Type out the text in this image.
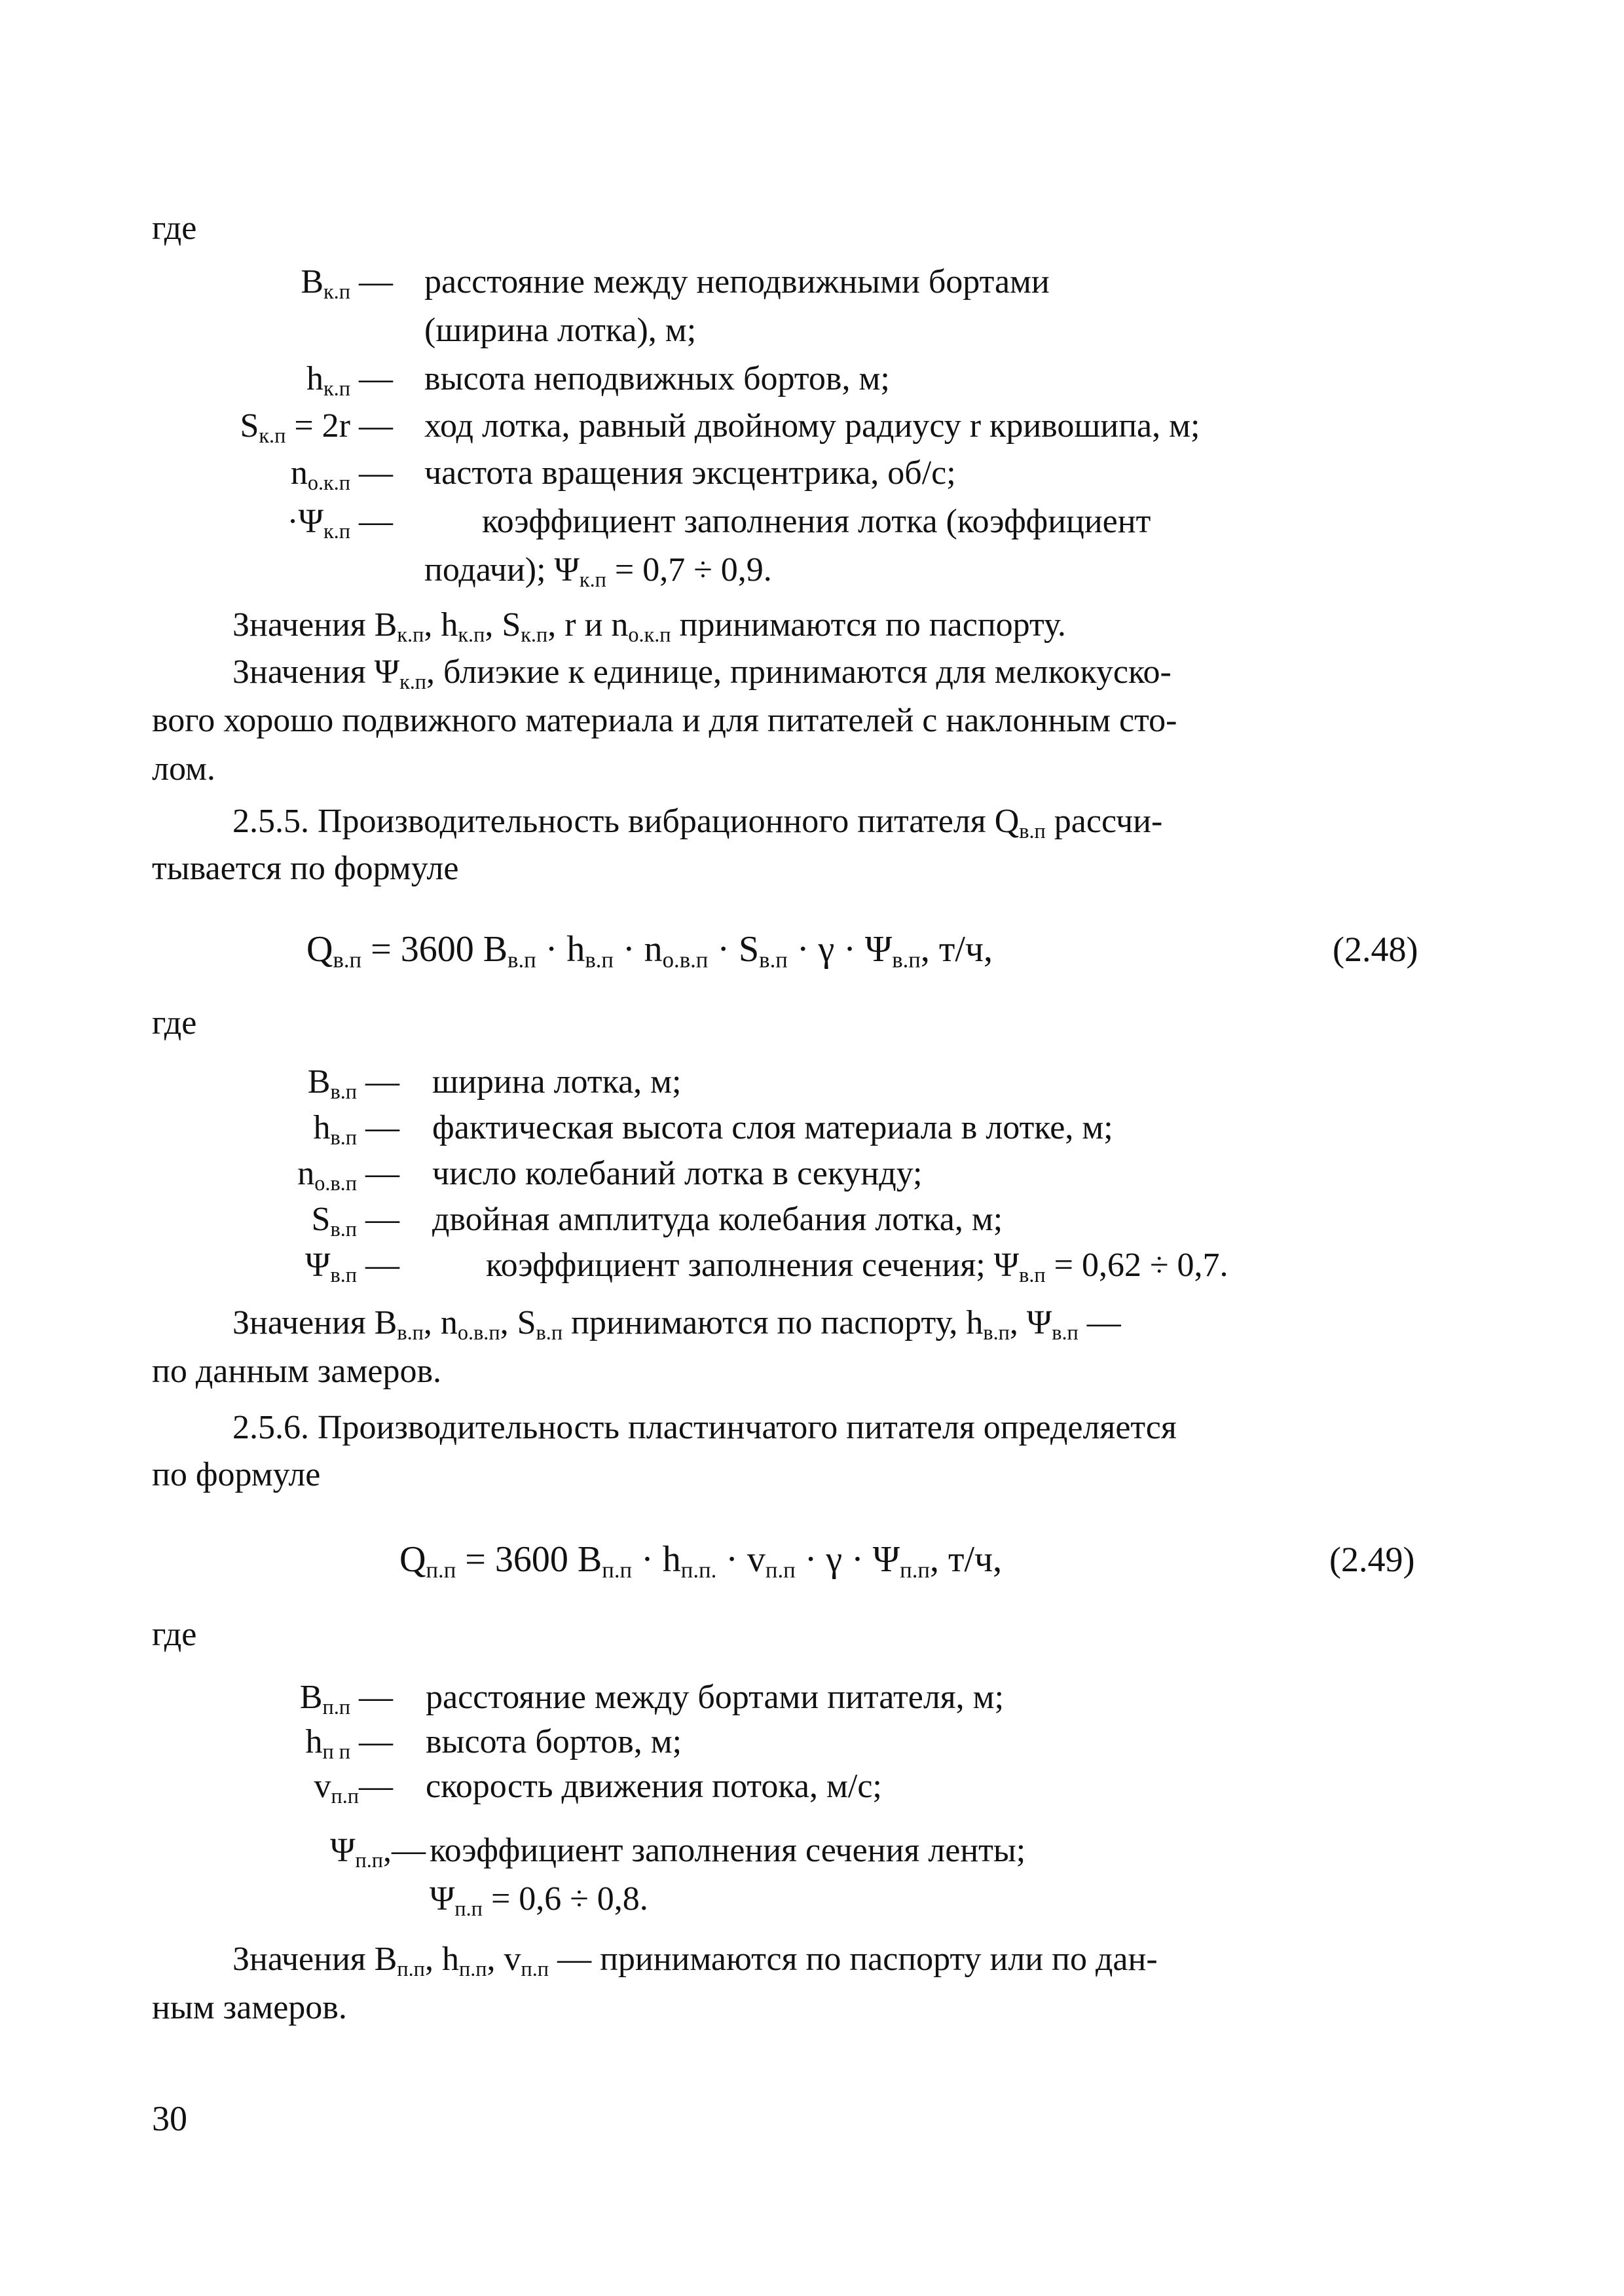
где
$В_{к.п}$ — расстояние между неподвижными бортами
(ширина лотка), м;
$h_{к.п}$ — высота неподвижных бортов, м;
$S_{к.п} = 2r$ — ход лотка, равный двойному радиусу r кривошипа, м;
$n_{о.к.п}$ — частота вращения эксцентрика, об/с;
$\cdot\Psi_{к.п}$ —	коэффициент заполнения лотка (коэффициент
подачи); $\Psi_{к.п} = 0,7 \div 0,9$.
Значения $B_{к.п}$, $h_{к.п}$, $S_{к.п}$, r и $n_{о.к.п}$ принимаются по паспорту.
Значения $\Psi_{к.п}$, блиэкие к единице, принимаются для мелкокуско-
вого хорошо подвижного материала и для питателей с наклонным сто-
лом.
2.5.5. Производительность вибрационного питателя $Q_{в.п}$ рассчи-
тывается по формуле
$Q_{в.п} = 3600$ $В_{в.п} \cdot h_{в.п} \cdot n_{о.в.п} \cdot S_{в.п} \cdot \gamma \cdot \Psi_{в.п}$, т/ч,	(2.48)
где
$В_{в.п}$ — ширина лотка, м;
$h_{в.п}$ — фактическая высота слоя материала в лотке, м;
$n_{о.в.п}$ — число колебаний лотка в секунду;
$S_{в.п}$ — двойная амплитуда колебания лотка, м;
$\Psi_{в.п}$ —	коэффициент заполнения сечения; $\Psi_{в.п} = 0,62 \div 0,7$.
Значения $B_{в.п}$, $n_{о.в.п}$, $S_{в.п}$ принимаются по паспорту, $h_{в.п}$, $\Psi_{в.п}$ —
по данным замеров.
2.5.6. Производительность пластинчатого питателя определяется
по формуле
$Q_{п.п} = 3600$ $В_{п.п} \cdot h_{п.п.} \cdot v_{п.п} \cdot \gamma \cdot \Psi_{п.п}$, т/ч,	(2.49)
где
$В_{п.п}$ — расстояние между бортами питателя, м;
$h_{п п}$ — высота бортов, м;
$v_{п.п}—$ скорость движения потока, м/с;
$\Psi_{п.п},—$ коэффициент заполнения сечения ленты;
$\Psi_{п.п} = 0,6 \div 0,8$.
Значения $B_{п.п}$, $h_{п.п}$, $v_{п.п}$ — принимаются по паспорту или по дан-
ным замеров.
30
